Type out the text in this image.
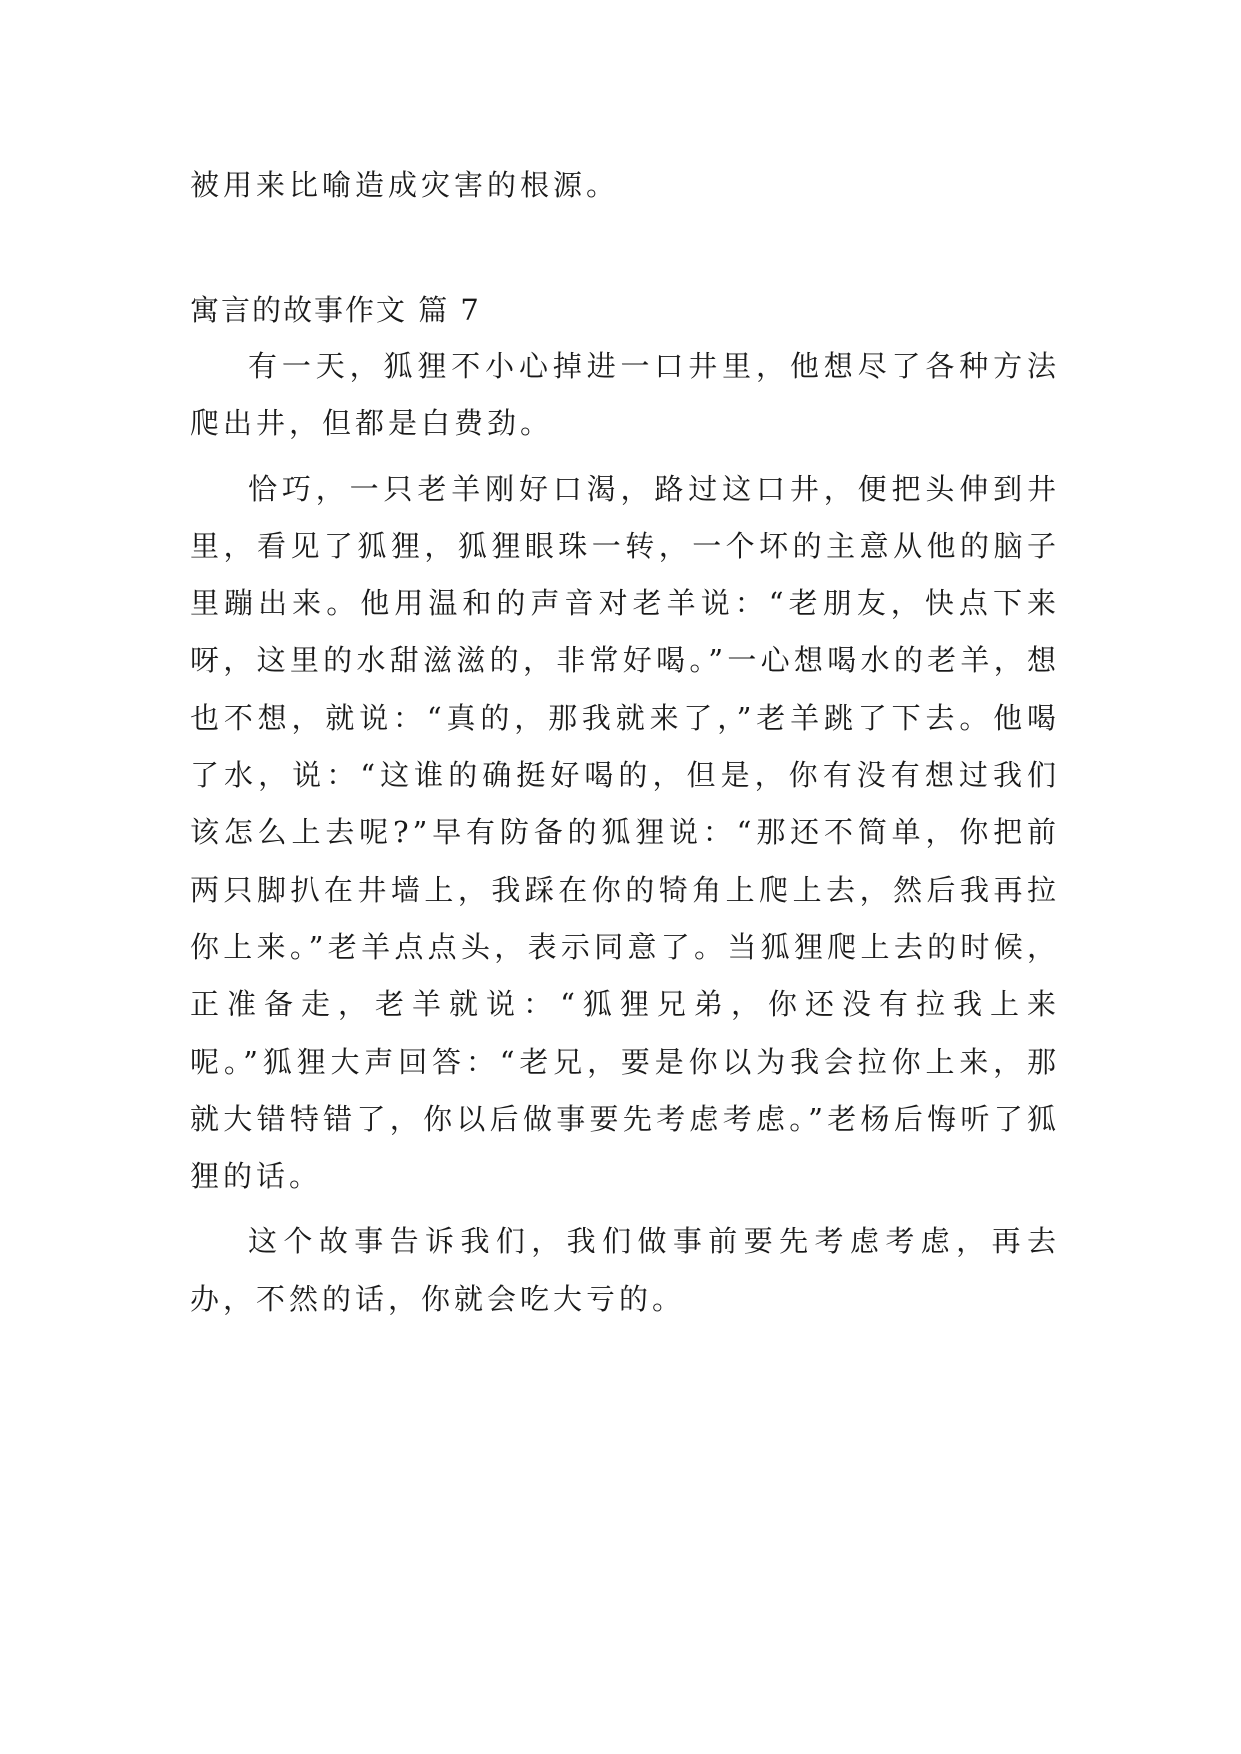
被用来比喻造成灾害的根源。
寓言的故事作文 篇 7

有一天，狐狸不小心掉进一口井里，他想尽了各种方法爬出井，但都是白费劲。

恰巧，一只老羊刚好口渴，路过这口井，便把头伸到井里，看见了狐狸，狐狸眼珠一转，一个坏的主意从他的脑子里蹦出来。他用温和的声音对老羊说：“老朋友，快点下来呀，这里的水甜滋滋的，非常好喝。”一心想喝水的老羊，想也不想，就说：“真的，那我就来了，”老羊跳了下去。他喝了水，说：“这谁的确挺好喝的，但是，你有没有想过我们该怎么上去呢?”早有防备的狐狸说：“那还不简单，你把前两只脚扒在井墙上，我踩在你的犄角上爬上去，然后我再拉你上来。”老羊点点头，表示同意了。当狐狸爬上去的时候，正准备走，老羊就说：“狐狸兄弟，你还没有拉我上来呢。”狐狸大声回答：“老兄，要是你以为我会拉你上来，那就大错特错了，你以后做事要先考虑考虑。”老杨后悔听了狐狸的话。

这个故事告诉我们，我们做事前要先考虑考虑，再去办，不然的话，你就会吃大亏的。
